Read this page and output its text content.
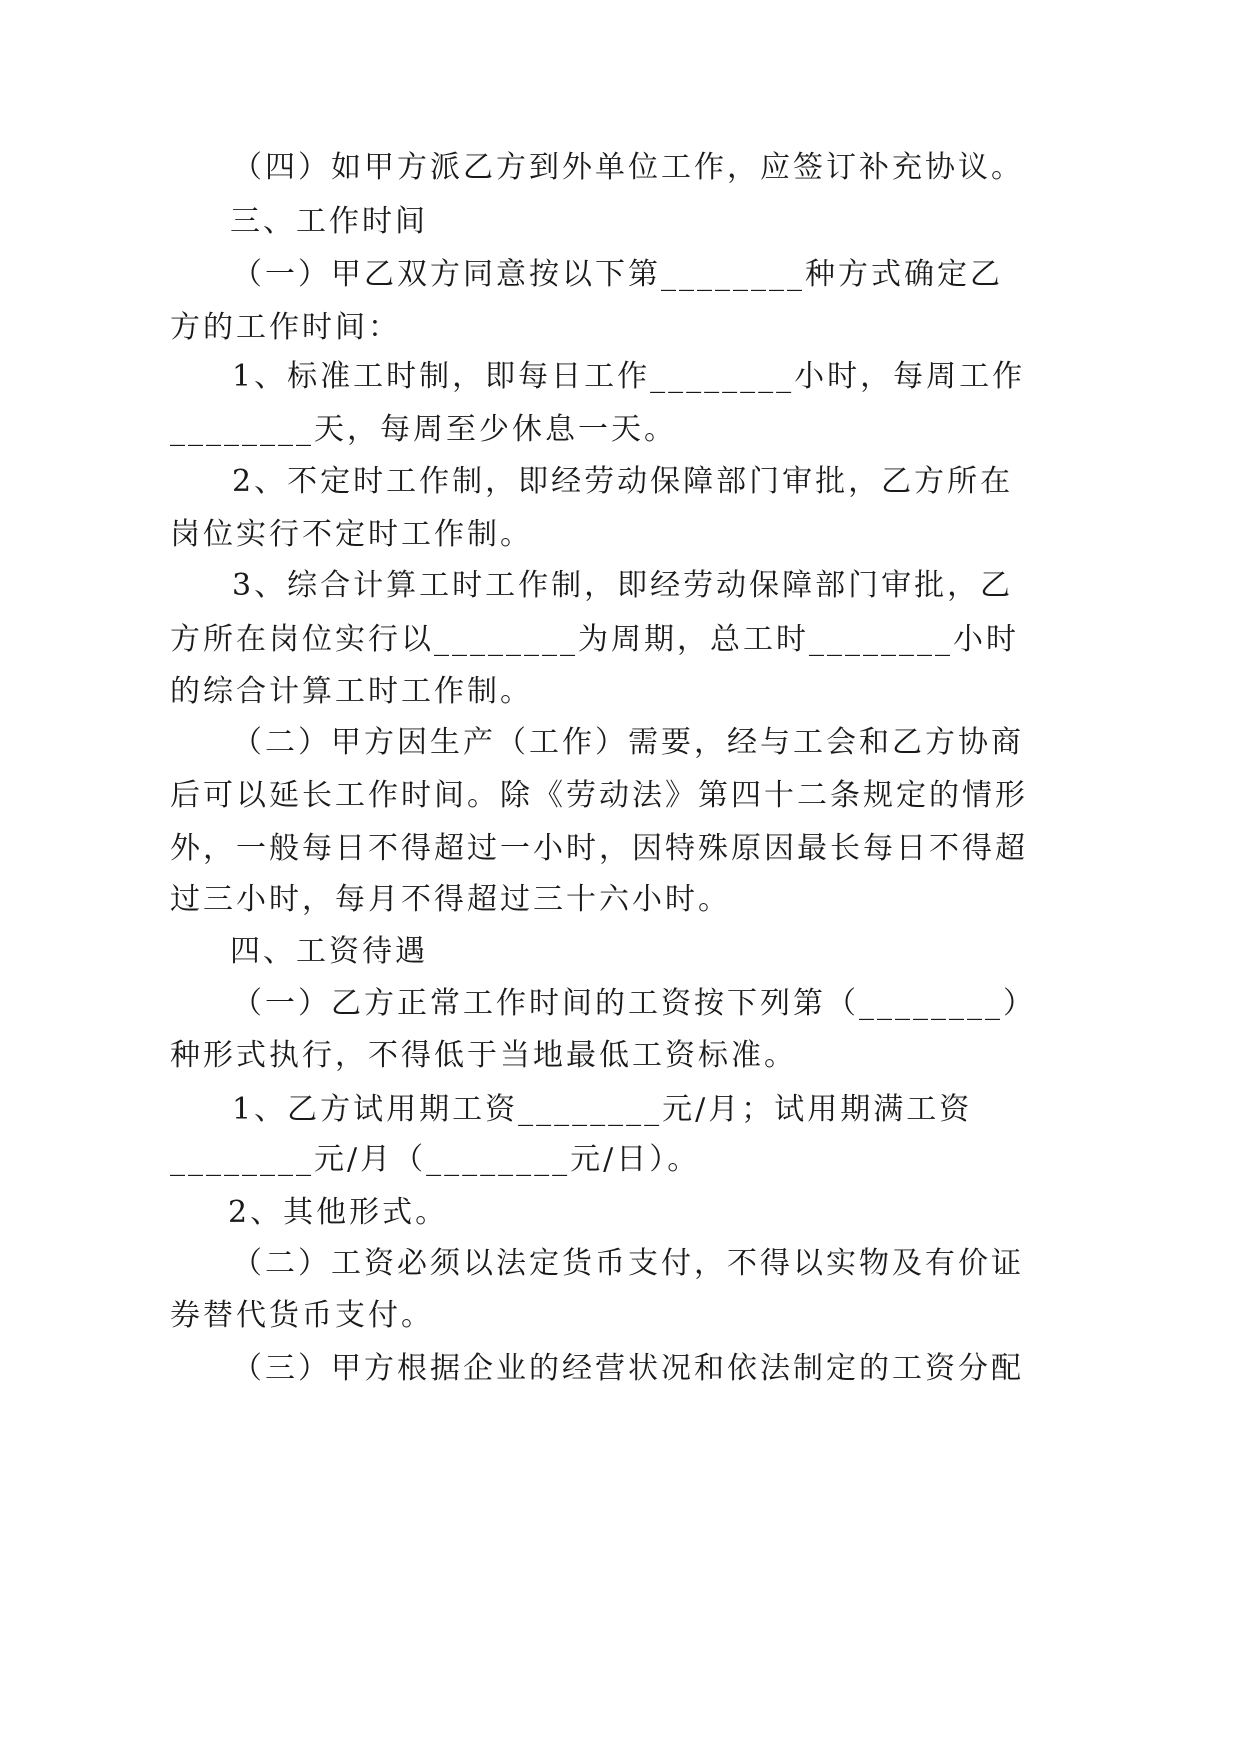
（四）如甲方派乙方到外单位工作，应签订补充协议。
三、工作时间
（一）甲乙双方同意按以下第________种方式确定乙
方的工作时间：
1、标准工时制，即每日工作________小时，每周工作
________天，每周至少休息一天。
2、不定时工作制，即经劳动保障部门审批，乙方所在
岗位实行不定时工作制。
3、综合计算工时工作制，即经劳动保障部门审批，乙
方所在岗位实行以________为周期，总工时________小时
的综合计算工时工作制。
（二）甲方因生产（工作）需要，经与工会和乙方协商
后可以延长工作时间。除《劳动法》第四十二条规定的情形
外，一般每日不得超过一小时，因特殊原因最长每日不得超
过三小时，每月不得超过三十六小时。
四、工资待遇
（一）乙方正常工作时间的工资按下列第（________）
种形式执行，不得低于当地最低工资标准。
1、乙方试用期工资________元/月；试用期满工资
________元/月（________元/日）。
2、其他形式。
（二）工资必须以法定货币支付，不得以实物及有价证
券替代货币支付。
（三）甲方根据企业的经营状况和依法制定的工资分配
